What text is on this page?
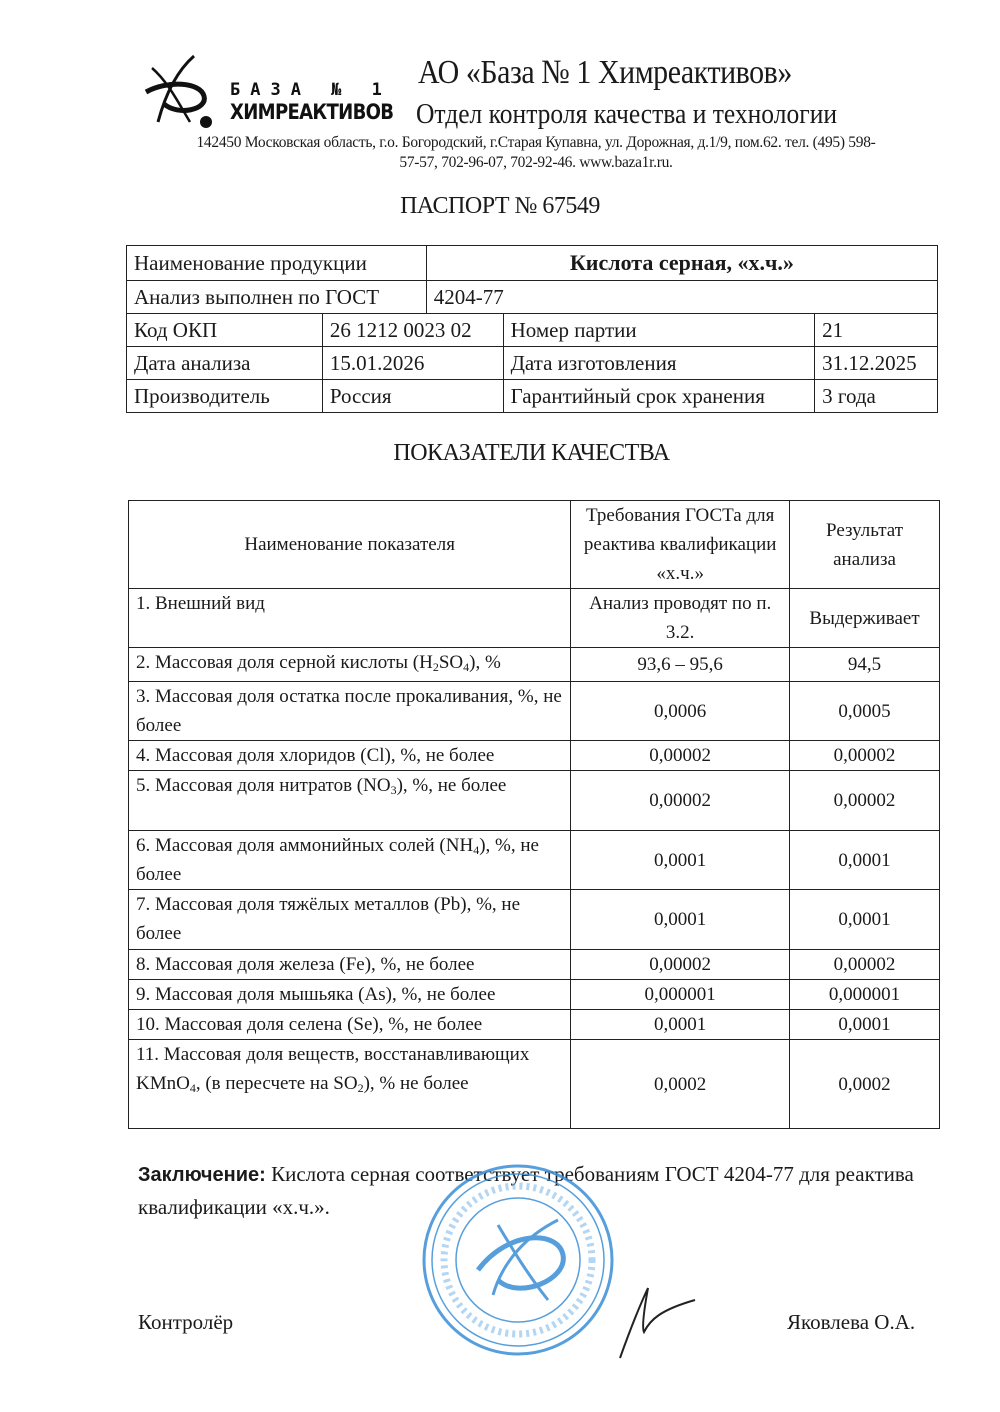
БАЗА № 1
ХИМРЕАКТИВОВ
АО «База № 1 Химреактивов»
Отдел контроля качества и технологии
142450 Московская область, г.о. Богородский, г.Старая Купавна, ул. Дорожная, д.1/9, пом.62. тел. (495) 598-
57-57, 702-96-07, 702-92-46. www.baza1r.ru.
ПАСПОРТ № 67549
Наименование продукции		Кислота серная, «х.ч.»		
Анализ выполнен по ГОСТ		4204-77		
Код ОКП	26 1212 0023 02		Номер партии	21
Дата анализа	15.01.2026		Дата изготовления	31.12.2025
Производитель	Россия		Гарантийный срок хранения	3 года
ПОКАЗАТЕЛИ КАЧЕСТВА
Наименование показателя	Требования ГОСТа для реактива квалификации «х.ч.»	Результат анализа
1. Внешний вид	Анализ проводят по п. 3.2.	Выдерживает
2. Массовая доля серной кислоты $(H_2SO_4)$, %	93,6 – 95,6	94,5
3. Массовая доля остатка после прокаливания, %, не более	0,0006	0,0005
4. Массовая доля хлоридов (Cl), %, не более	0,00002	0,00002
5. Массовая доля нитратов $(NO_3)$, %, не более	0,00002	0,00002
6. Массовая доля аммонийных солей $(NH_4)$, %, не более	0,0001	0,0001
7. Массовая доля тяжёлых металлов (Pb), %, не более	0,0001	0,0001
8. Массовая доля железа (Fe), %, не более	0,00002	0,00002
9. Массовая доля мышьяка (As), %, не более	0,000001	0,000001
10. Массовая доля селена (Se), %, не более	0,0001	0,0001
11. Массовая доля веществ, восстанавливающих KMnO$_4$, (в пересчете на $SO_2$), % не более	0,0002	0,0002
Заключение: Кислота серная соответствует требованиям ГОСТ 4204-77 для реактива квалификации «х.ч.».
Контролёр	Яковлева О.А.
